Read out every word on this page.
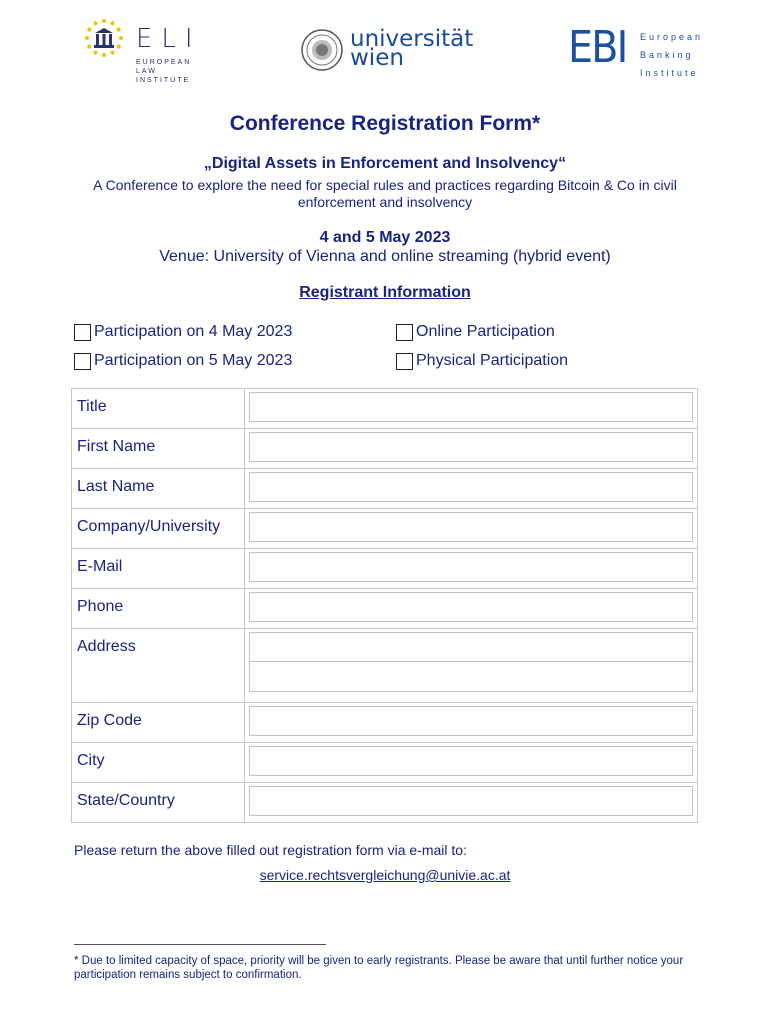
ELI
EUROPEAN
LAW
INSTITUTE
universität
wien	EBI European
Banking
Institute
Conference Registration Form*
„Digital Assets in Enforcement and Insolvency“
A Conference to explore the need for special rules and practices regarding Bitcoin & Co in civil enforcement and insolvency
4 and 5 May 2023
Venue: University of Vienna and online streaming (hybrid event)
Registrant Information
Participation on 4 May 2023
Participation on 5 May 2023
Online Participation
Physical Participation
Title	

First Name	

Last Name	

Company/University	

E-Mail	

Phone	

Address	

Zip Code	

City	

State/Country	
Please return the above filled out registration form via e-mail to:
service.rechtsvergleichung@univie.ac.at
* Due to limited capacity of space, priority will be given to early registrants. Please be aware that until further notice your participation remains subject to confirmation.
